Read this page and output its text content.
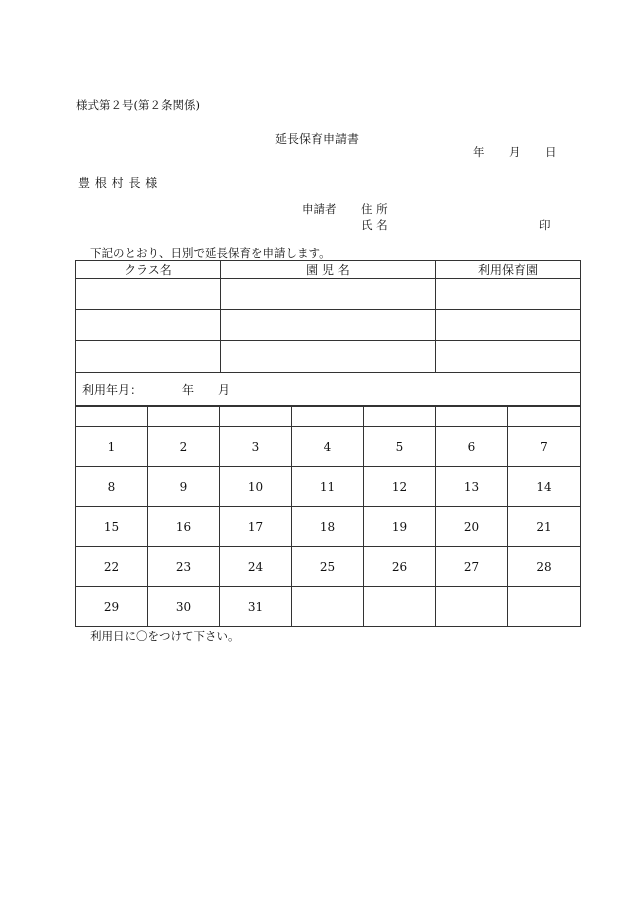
様式第２号(第２条関係)
延長保育申請書
年 月 日
豊 根 村 長 様
申請者 住 所
氏 名	印
下記のとおり、日別で延長保育を申請します。
クラス名	園 児 名	利用保育園

利用年月： 年 月		

1	2	3	4	5	6	7
8	9	10	11	12	13	14
15	16	17	18	19	20	21
22	23	24	25	26	27	28
29	30	31				
利用日に〇をつけて下さい。
